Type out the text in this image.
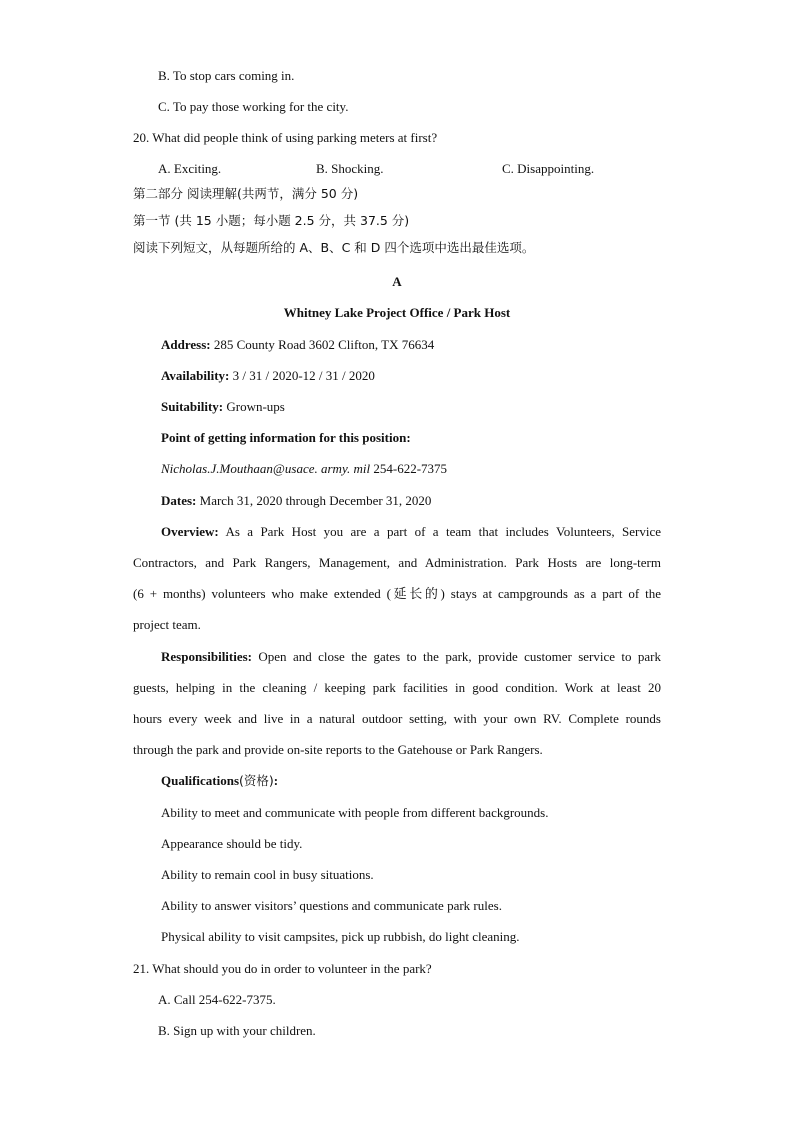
B. To stop cars coming in.
C. To pay those working for the city.
20. What did people think of using parking meters at first?
A. Exciting.	B. Shocking.	C. Disappointing.
第二部分 阅读理解(共两节，满分 50 分)
第一节 (共 15 小题；每小题 2.5 分，共 37.5 分)
阅读下列短文，从每题所给的 A、B、C 和 D 四个选项中选出最佳选项。
A
Whitney Lake Project Office / Park Host
Address: 285 County Road 3602 Clifton, TX 76634
Availability: 3 / 31 / 2020-12 / 31 / 2020
Suitability: Grown-ups
Point of getting information for this position:
Nicholas.J.Mouthaan@usace. army. mil 254-622-7375
Dates: March 31, 2020 through December 31, 2020
Overview: As a Park Host you are a part of a team that includes Volunteers, Service
Contractors, and Park Rangers, Management, and Administration. Park Hosts are long-term
(6 + months) volunteers who make extended (延长的) stays at campgrounds as a part of the
project team.
Responsibilities: Open and close the gates to the park, provide customer service to park
guests, helping in the cleaning / keeping park facilities in good condition. Work at least 20
hours every week and live in a natural outdoor setting, with your own RV. Complete rounds
through the park and provide on-site reports to the Gatehouse or Park Rangers.
Qualifications(资格):
Ability to meet and communicate with people from different backgrounds.
Appearance should be tidy.
Ability to remain cool in busy situations.
Ability to answer visitors’ questions and communicate park rules.
Physical ability to visit campsites, pick up rubbish, do light cleaning.
21. What should you do in order to volunteer in the park?
A. Call 254-622-7375.
B. Sign up with your children.
